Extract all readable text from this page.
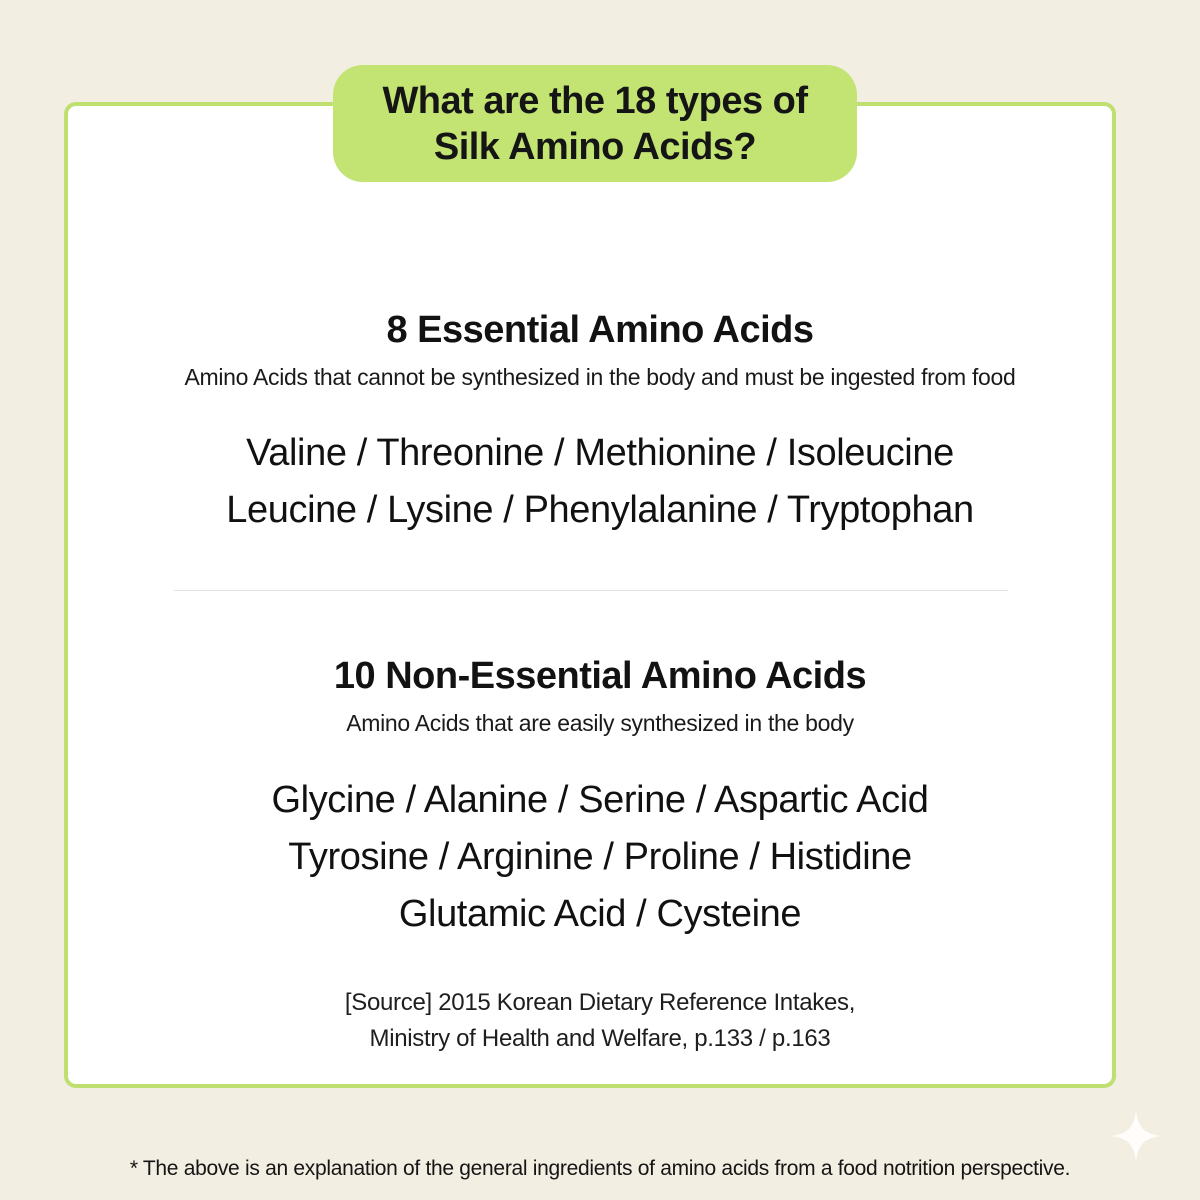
What are the 18 types of
Silk Amino Acids?
8 Essential Amino Acids
Amino Acids that cannot be synthesized in the body and must be ingested from food
Valine / Threonine / Methionine / Isoleucine
Leucine / Lysine / Phenylalanine / Tryptophan
10 Non-Essential Amino Acids
Amino Acids that are easily synthesized in the body
Glycine / Alanine / Serine / Aspartic Acid
Tyrosine / Arginine / Proline / Histidine
Glutamic Acid / Cysteine
[Source] 2015 Korean Dietary Reference Intakes,
Ministry of Health and Welfare, p.133 / p.163
* The above is an explanation of the general ingredients of amino acids from a food notrition perspective.
